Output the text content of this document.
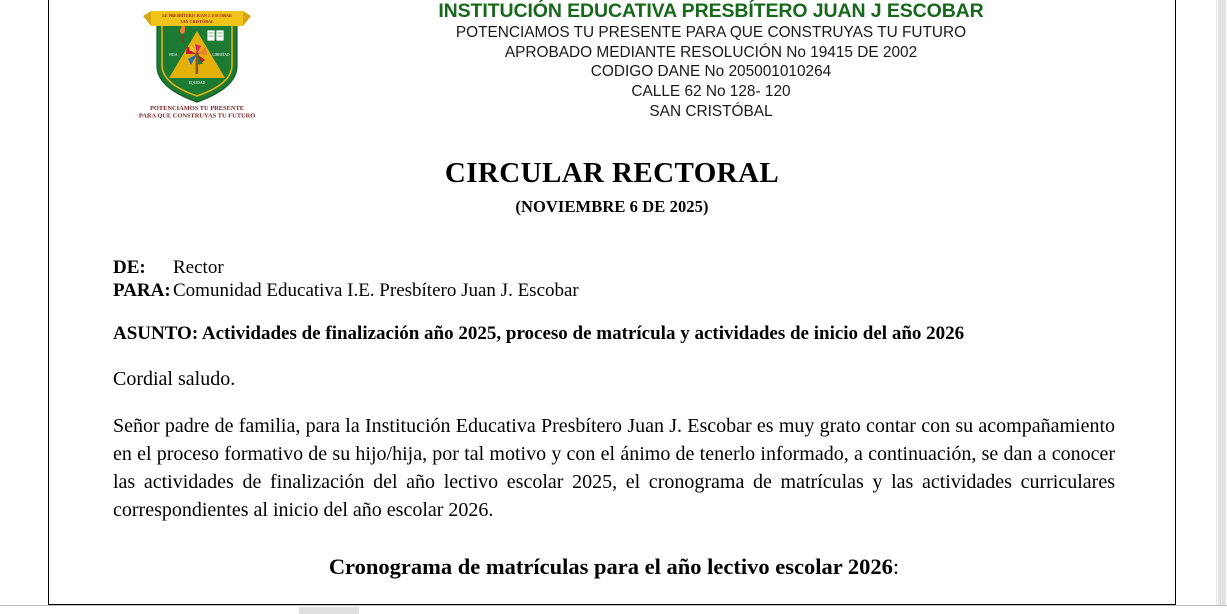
I.E PRESBÍTERO JUAN J. ESCOBAR
SAN CRISTÓBAL
VIDA	LIBERTAD
EQUIDAD
POTENCIAMOS TU PRESENTE
PARA QUE CONSTRUYAS TU FUTURO
INSTITUCIÓN EDUCATIVA PRESBÍTERO JUAN J ESCOBAR
POTENCIAMOS TU PRESENTE PARA QUE CONSTRUYAS TU FUTURO
APROBADO MEDIANTE RESOLUCIÓN No 19415 DE 2002
CODIGO DANE No 205001010264
CALLE 62 No 128- 120
SAN CRISTÓBAL
CIRCULAR RECTORAL
(NOVIEMBRE 6 DE 2025)
DE: Rector
PARA: Comunidad Educativa I.E. Presbítero Juan J. Escobar
ASUNTO: Actividades de finalización año 2025, proceso de matrícula y actividades de inicio del año 2026
Cordial saludo.
Señor padre de familia, para la Institución Educativa Presbítero Juan J. Escobar es muy grato contar con su acompañamiento en el proceso formativo de su hijo/hija, por tal motivo y con el ánimo de tenerlo informado, a continuación, se dan a conocer las actividades de finalización del año lectivo escolar 2025, el cronograma de matrículas y las actividades curriculares correspondientes al inicio del año escolar 2026.
Cronograma de matrículas para el año lectivo escolar 2026:
